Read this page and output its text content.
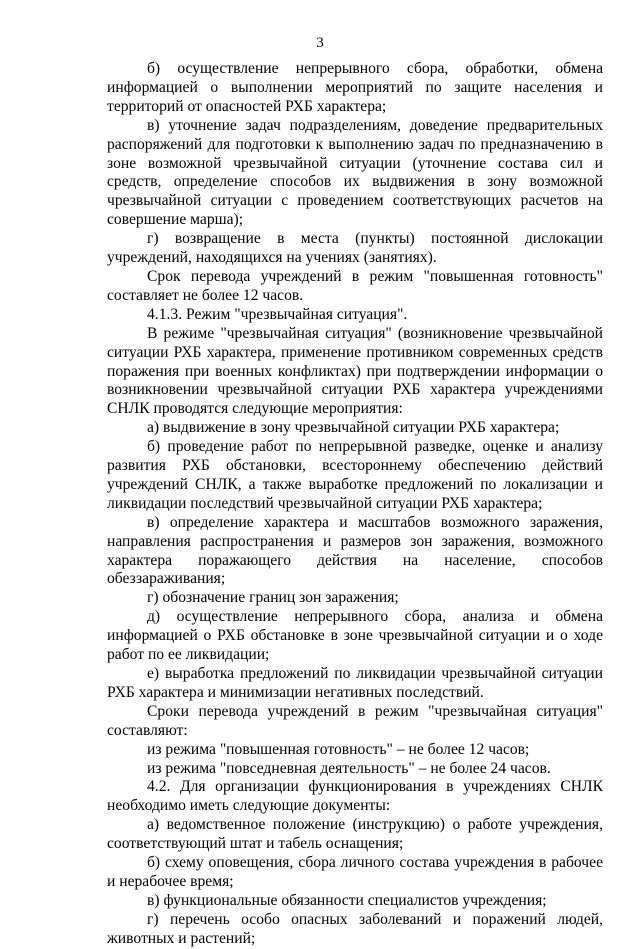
3

б) осуществление непрерывного сбора, обработки, обмена информацией о выполнении мероприятий по защите населения и территорий от опасностей РХБ характера;

в) уточнение задач подразделениям, доведение предварительных распоряжений для подготовки к выполнению задач по предназначению в зоне возможной чрезвычайной ситуации (уточнение состава сил и средств, определение способов их выдвижения в зону возможной чрезвычайной ситуации с проведением соответствующих расчетов на совершение марша);

г) возвращение в места (пункты) постоянной дислокации учреждений, находящихся на учениях (занятиях).

Срок перевода учреждений в режим "повышенная готовность" составляет не более 12 часов.

4.1.3. Режим "чрезвычайная ситуация".

В режиме "чрезвычайная ситуация" (возникновение чрезвычайной ситуации РХБ характера, применение противником современных средств поражения при военных конфликтах) при подтверждении информации о возникновении чрезвычайной ситуации РХБ характера учреждениями СНЛК проводятся следующие мероприятия:

а) выдвижение в зону чрезвычайной ситуации РХБ характера;

б) проведение работ по непрерывной разведке, оценке и анализу развития РХБ обстановки, всестороннему обеспечению действий учреждений СНЛК, а также выработке предложений по локализации и ликвидации последствий чрезвычайной ситуации РХБ характера;

в) определение характера и масштабов возможного заражения, направления распространения и размеров зон заражения, возможного характера поражающего действия на население, способов обеззараживания;

г) обозначение границ зон заражения;

д) осуществление непрерывного сбора, анализа и обмена информацией о РХБ обстановке в зоне чрезвычайной ситуации и о ходе работ по ее ликвидации;

е) выработка предложений по ликвидации чрезвычайной ситуации РХБ характера и минимизации негативных последствий.

Сроки перевода учреждений в режим "чрезвычайная ситуация" составляют:

из режима "повышенная готовность" – не более 12 часов;

из режима "повседневная деятельность" – не более 24 часов.

4.2. Для организации функционирования в учреждениях СНЛК необходимо иметь следующие документы:

а) ведомственное положение (инструкцию) о работе учреждения, соответствующий штат и табель оснащения;

б) схему оповещения, сбора личного состава учреждения в рабочее и нерабочее время;

в) функциональные обязанности специалистов учреждения;

г) перечень особо опасных заболеваний и поражений людей, животных и растений;
